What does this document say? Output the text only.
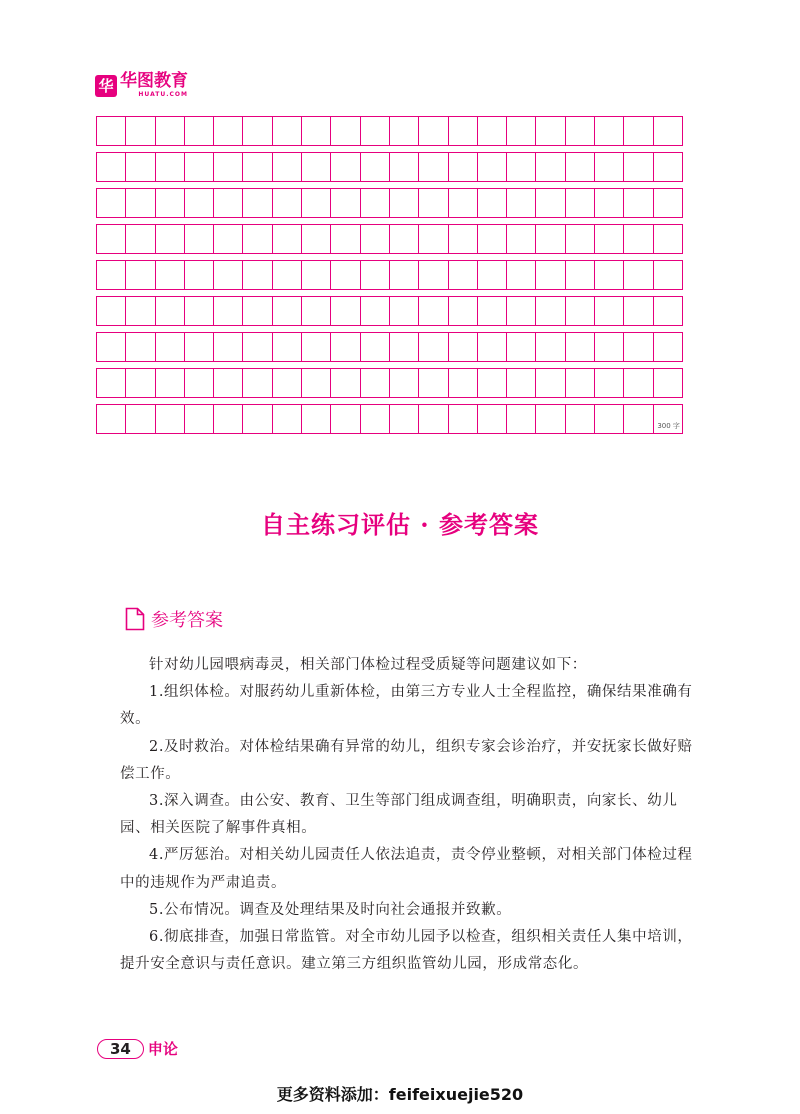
华 华图教育
HUATU.COM
300 字
自主练习评估 · 参考答案
参考答案

针对幼儿园喂病毒灵，相关部门体检过程受质疑等问题建议如下：

1.组织体检。对服药幼儿重新体检，由第三方专业人士全程监控，确保结果准确有效。

2.及时救治。对体检结果确有异常的幼儿，组织专家会诊治疗，并安抚家长做好赔偿工作。

3.深入调查。由公安、教育、卫生等部门组成调查组，明确职责，向家长、幼儿园、相关医院了解事件真相。

4.严厉惩治。对相关幼儿园责任人依法追责，责令停业整顿，对相关部门体检过程中的违规作为严肃追责。

5.公布情况。调查及处理结果及时向社会通报并致歉。

6.彻底排查，加强日常监管。对全市幼儿园予以检查，组织相关责任人集中培训，提升安全意识与责任意识。建立第三方组织监管幼儿园，形成常态化。

34	申论
更多资料添加：feifeixuejie520
